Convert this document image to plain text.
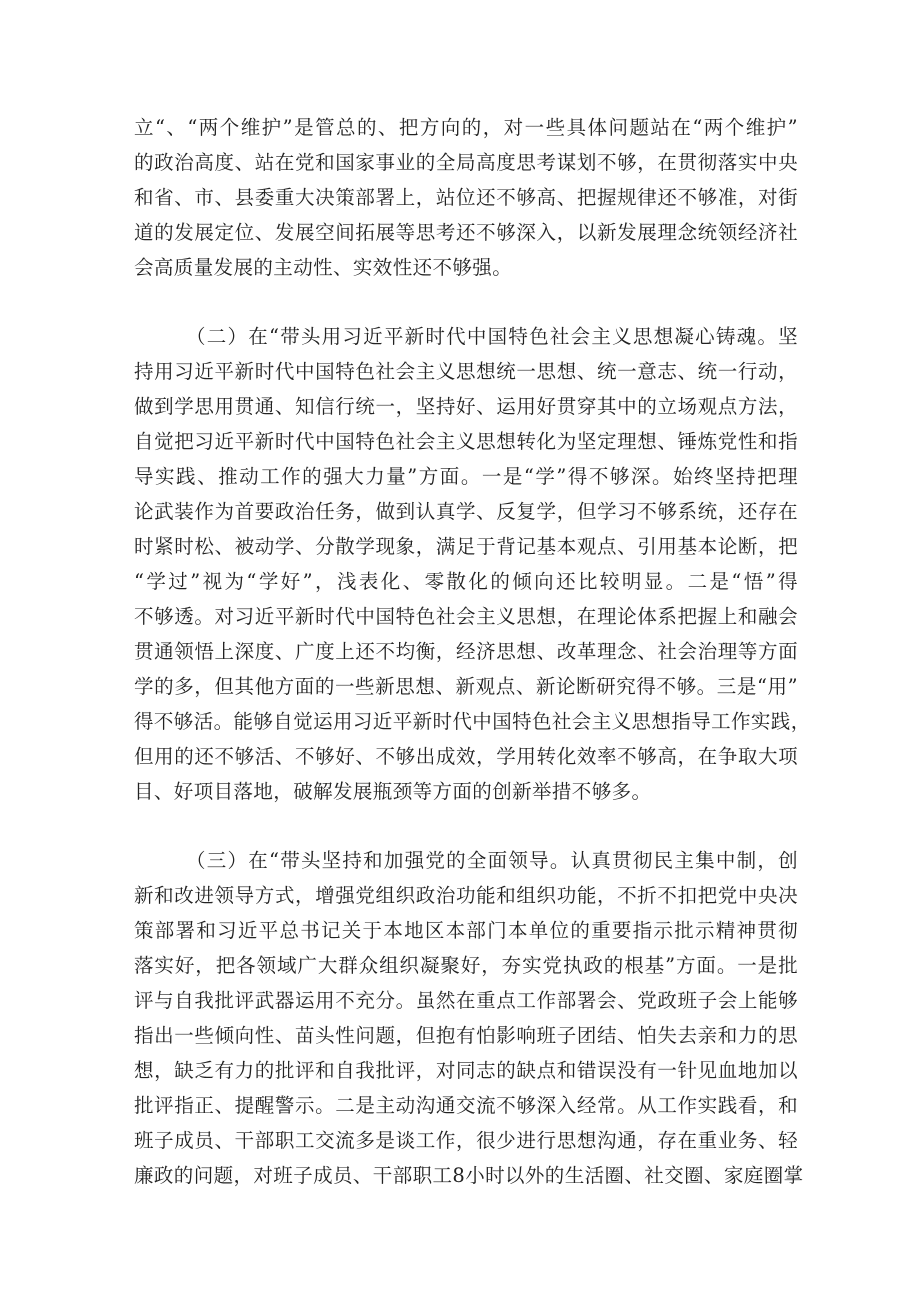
立“、“两个维护”是管总的、把方向的，对一些具体问题站在“两个维护”
的政治高度、站在党和国家事业的全局高度思考谋划不够，在贯彻落实中央
和省、市、县委重大决策部署上，站位还不够高、把握规律还不够准，对街
道的发展定位、发展空间拓展等思考还不够深入，以新发展理念统领经济社
会高质量发展的主动性、实效性还不够强。
（二）在“带头用习近平新时代中国特色社会主义思想凝心铸魂。坚
持用习近平新时代中国特色社会主义思想统一思想、统一意志、统一行动，
做到学思用贯通、知信行统一，坚持好、运用好贯穿其中的立场观点方法，
自觉把习近平新时代中国特色社会主义思想转化为坚定理想、锤炼党性和指
导实践、推动工作的强大力量”方面。一是“学”得不够深。始终坚持把理
论武装作为首要政治任务，做到认真学、反复学，但学习不够系统，还存在
时紧时松、被动学、分散学现象，满足于背记基本观点、引用基本论断，把
“学过”视为“学好”，浅表化、零散化的倾向还比较明显。二是“悟”得
不够透。对习近平新时代中国特色社会主义思想，在理论体系把握上和融会
贯通领悟上深度、广度上还不均衡，经济思想、改革理念、社会治理等方面
学的多，但其他方面的一些新思想、新观点、新论断研究得不够。三是“用”
得不够活。能够自觉运用习近平新时代中国特色社会主义思想指导工作实践，
但用的还不够活、不够好、不够出成效，学用转化效率不够高，在争取大项
目、好项目落地，破解发展瓶颈等方面的创新举措不够多。
（三）在“带头坚持和加强党的全面领导。认真贯彻民主集中制，创
新和改进领导方式，增强党组织政治功能和组织功能，不折不扣把党中央决
策部署和习近平总书记关于本地区本部门本单位的重要指示批示精神贯彻
落实好，把各领域广大群众组织凝聚好，夯实党执政的根基”方面。一是批
评与自我批评武器运用不充分。虽然在重点工作部署会、党政班子会上能够
指出一些倾向性、苗头性问题，但抱有怕影响班子团结、怕失去亲和力的思
想，缺乏有力的批评和自我批评，对同志的缺点和错误没有一针见血地加以
批评指正、提醒警示。二是主动沟通交流不够深入经常。从工作实践看，和
班子成员、干部职工交流多是谈工作，很少进行思想沟通，存在重业务、轻
廉政的问题，对班子成员、干部职工8小时以外的生活圈、社交圈、家庭圈掌
